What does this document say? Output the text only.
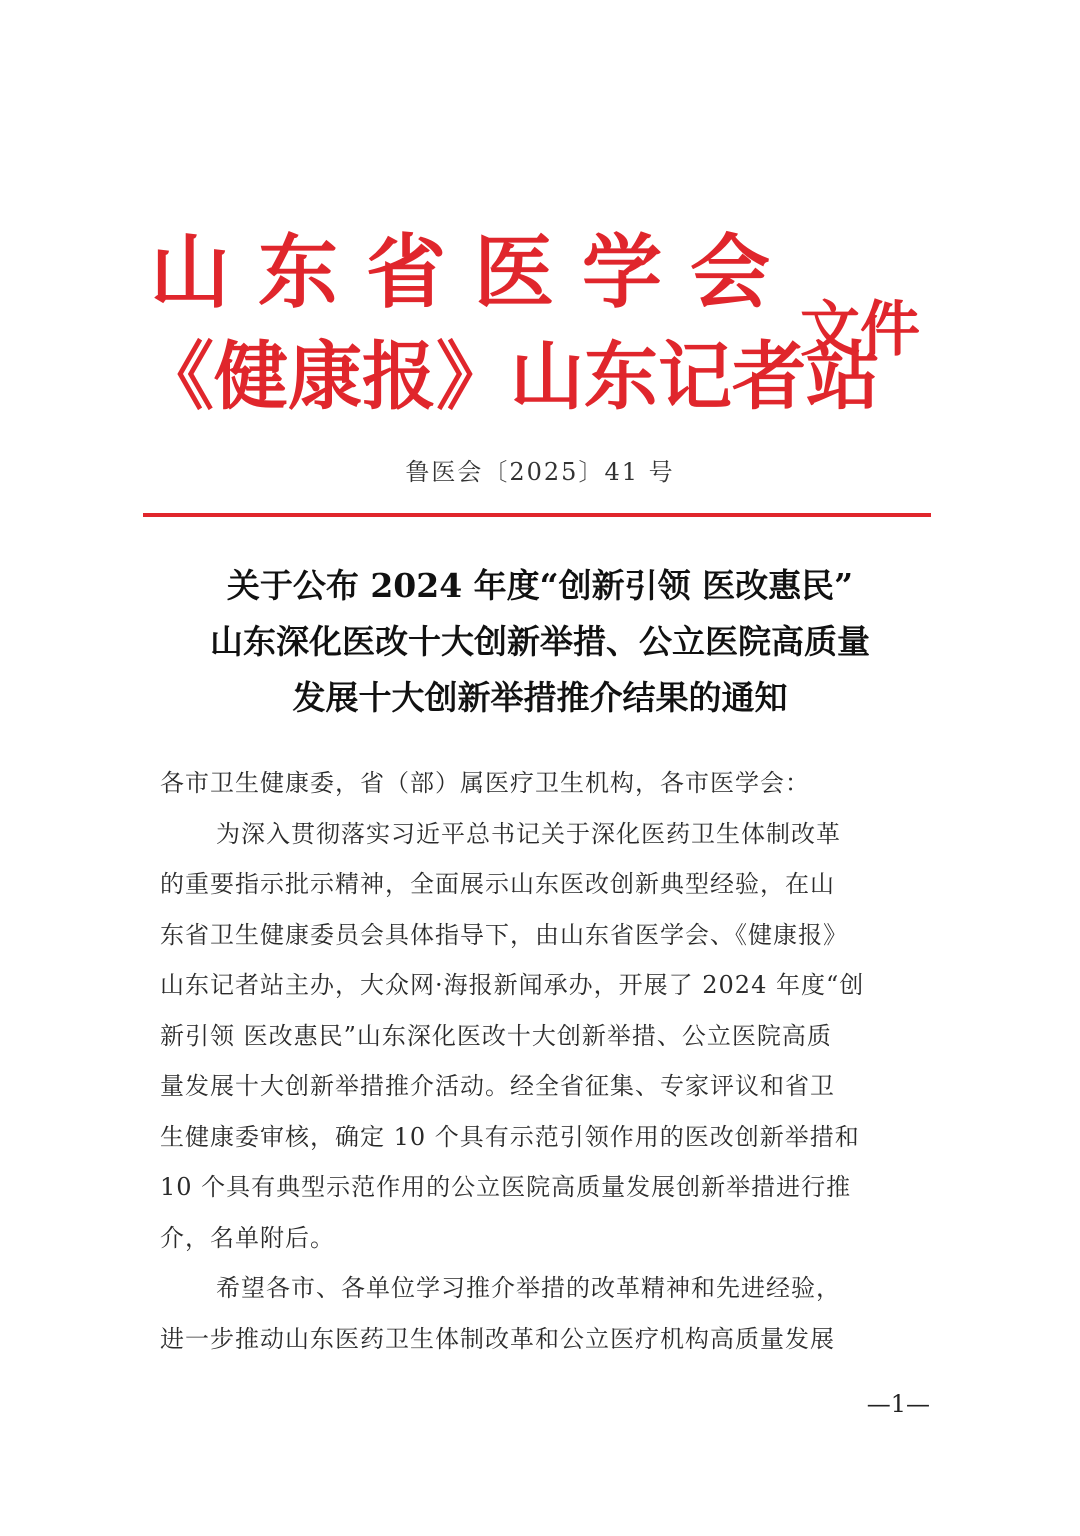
山东省医学会
《健康报》山东记者站
文件
鲁医会〔2025〕41 号
关于公布 2024 年度“创新引领 医改惠民”
山东深化医改十大创新举措、公立医院高质量
发展十大创新举措推介结果的通知
各市卫生健康委，省（部）属医疗卫生机构，各市医学会：
为深入贯彻落实习近平总书记关于深化医药卫生体制改革
的重要指示批示精神，全面展示山东医改创新典型经验，在山
东省卫生健康委员会具体指导下，由山东省医学会、《健康报》
山东记者站主办，大众网·海报新闻承办，开展了 2024 年度“创
新引领 医改惠民”山东深化医改十大创新举措、公立医院高质
量发展十大创新举措推介活动。经全省征集、专家评议和省卫
生健康委审核，确定 10 个具有示范引领作用的医改创新举措和
10 个具有典型示范作用的公立医院高质量发展创新举措进行推
介，名单附后。
希望各市、各单位学习推介举措的改革精神和先进经验，
进一步推动山东医药卫生体制改革和公立医疗机构高质量发展
—1—
